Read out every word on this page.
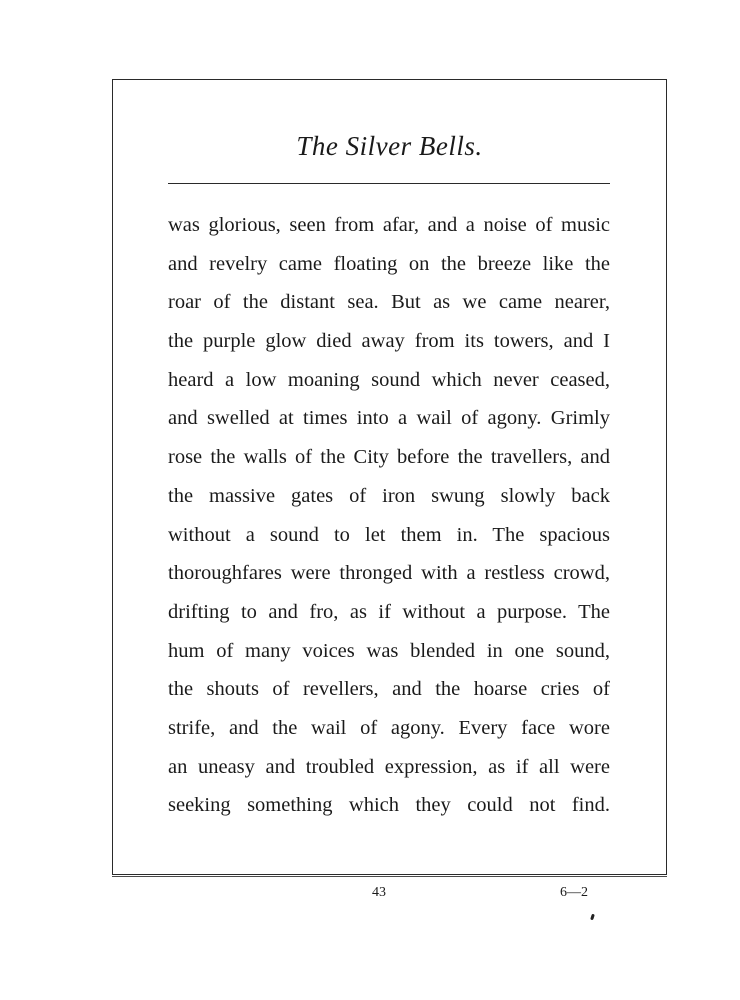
The Silver Bells.
was glorious, seen from afar, and a noise of music
and revelry came floating on the breeze like the
roar of the distant sea. But as we came nearer,
the purple glow died away from its towers, and I
heard a low moaning sound which never ceased,
and swelled at times into a wail of agony. Grimly
rose the walls of the City before the travellers, and
the massive gates of iron swung slowly back
without a sound to let them in. The spacious
thoroughfares were thronged with a restless crowd,
drifting to and fro, as if without a purpose. The
hum of many voices was blended in one sound,
the shouts of revellers, and the hoarse cries of
strife, and the wail of agony. Every face wore
an uneasy and troubled expression, as if all were
seeking something which they could not find.
43	6—2
